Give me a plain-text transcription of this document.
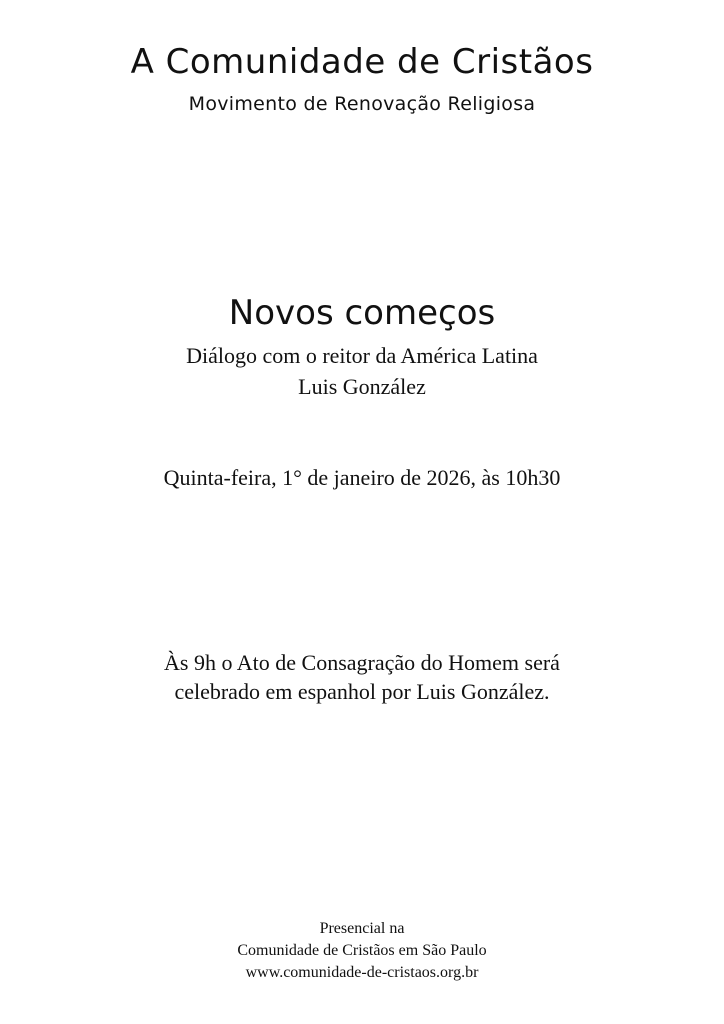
A Comunidade de Cristãos
Movimento de Renovação Religiosa
Novos começos
Diálogo com o reitor da América Latina
Luis González
Quinta-feira, 1° de janeiro de 2026, às 10h30
Às 9h o Ato de Consagração do Homem será
celebrado em espanhol por Luis González.
Presencial na
Comunidade de Cristãos em São Paulo
www.comunidade-de-cristaos.org.br
